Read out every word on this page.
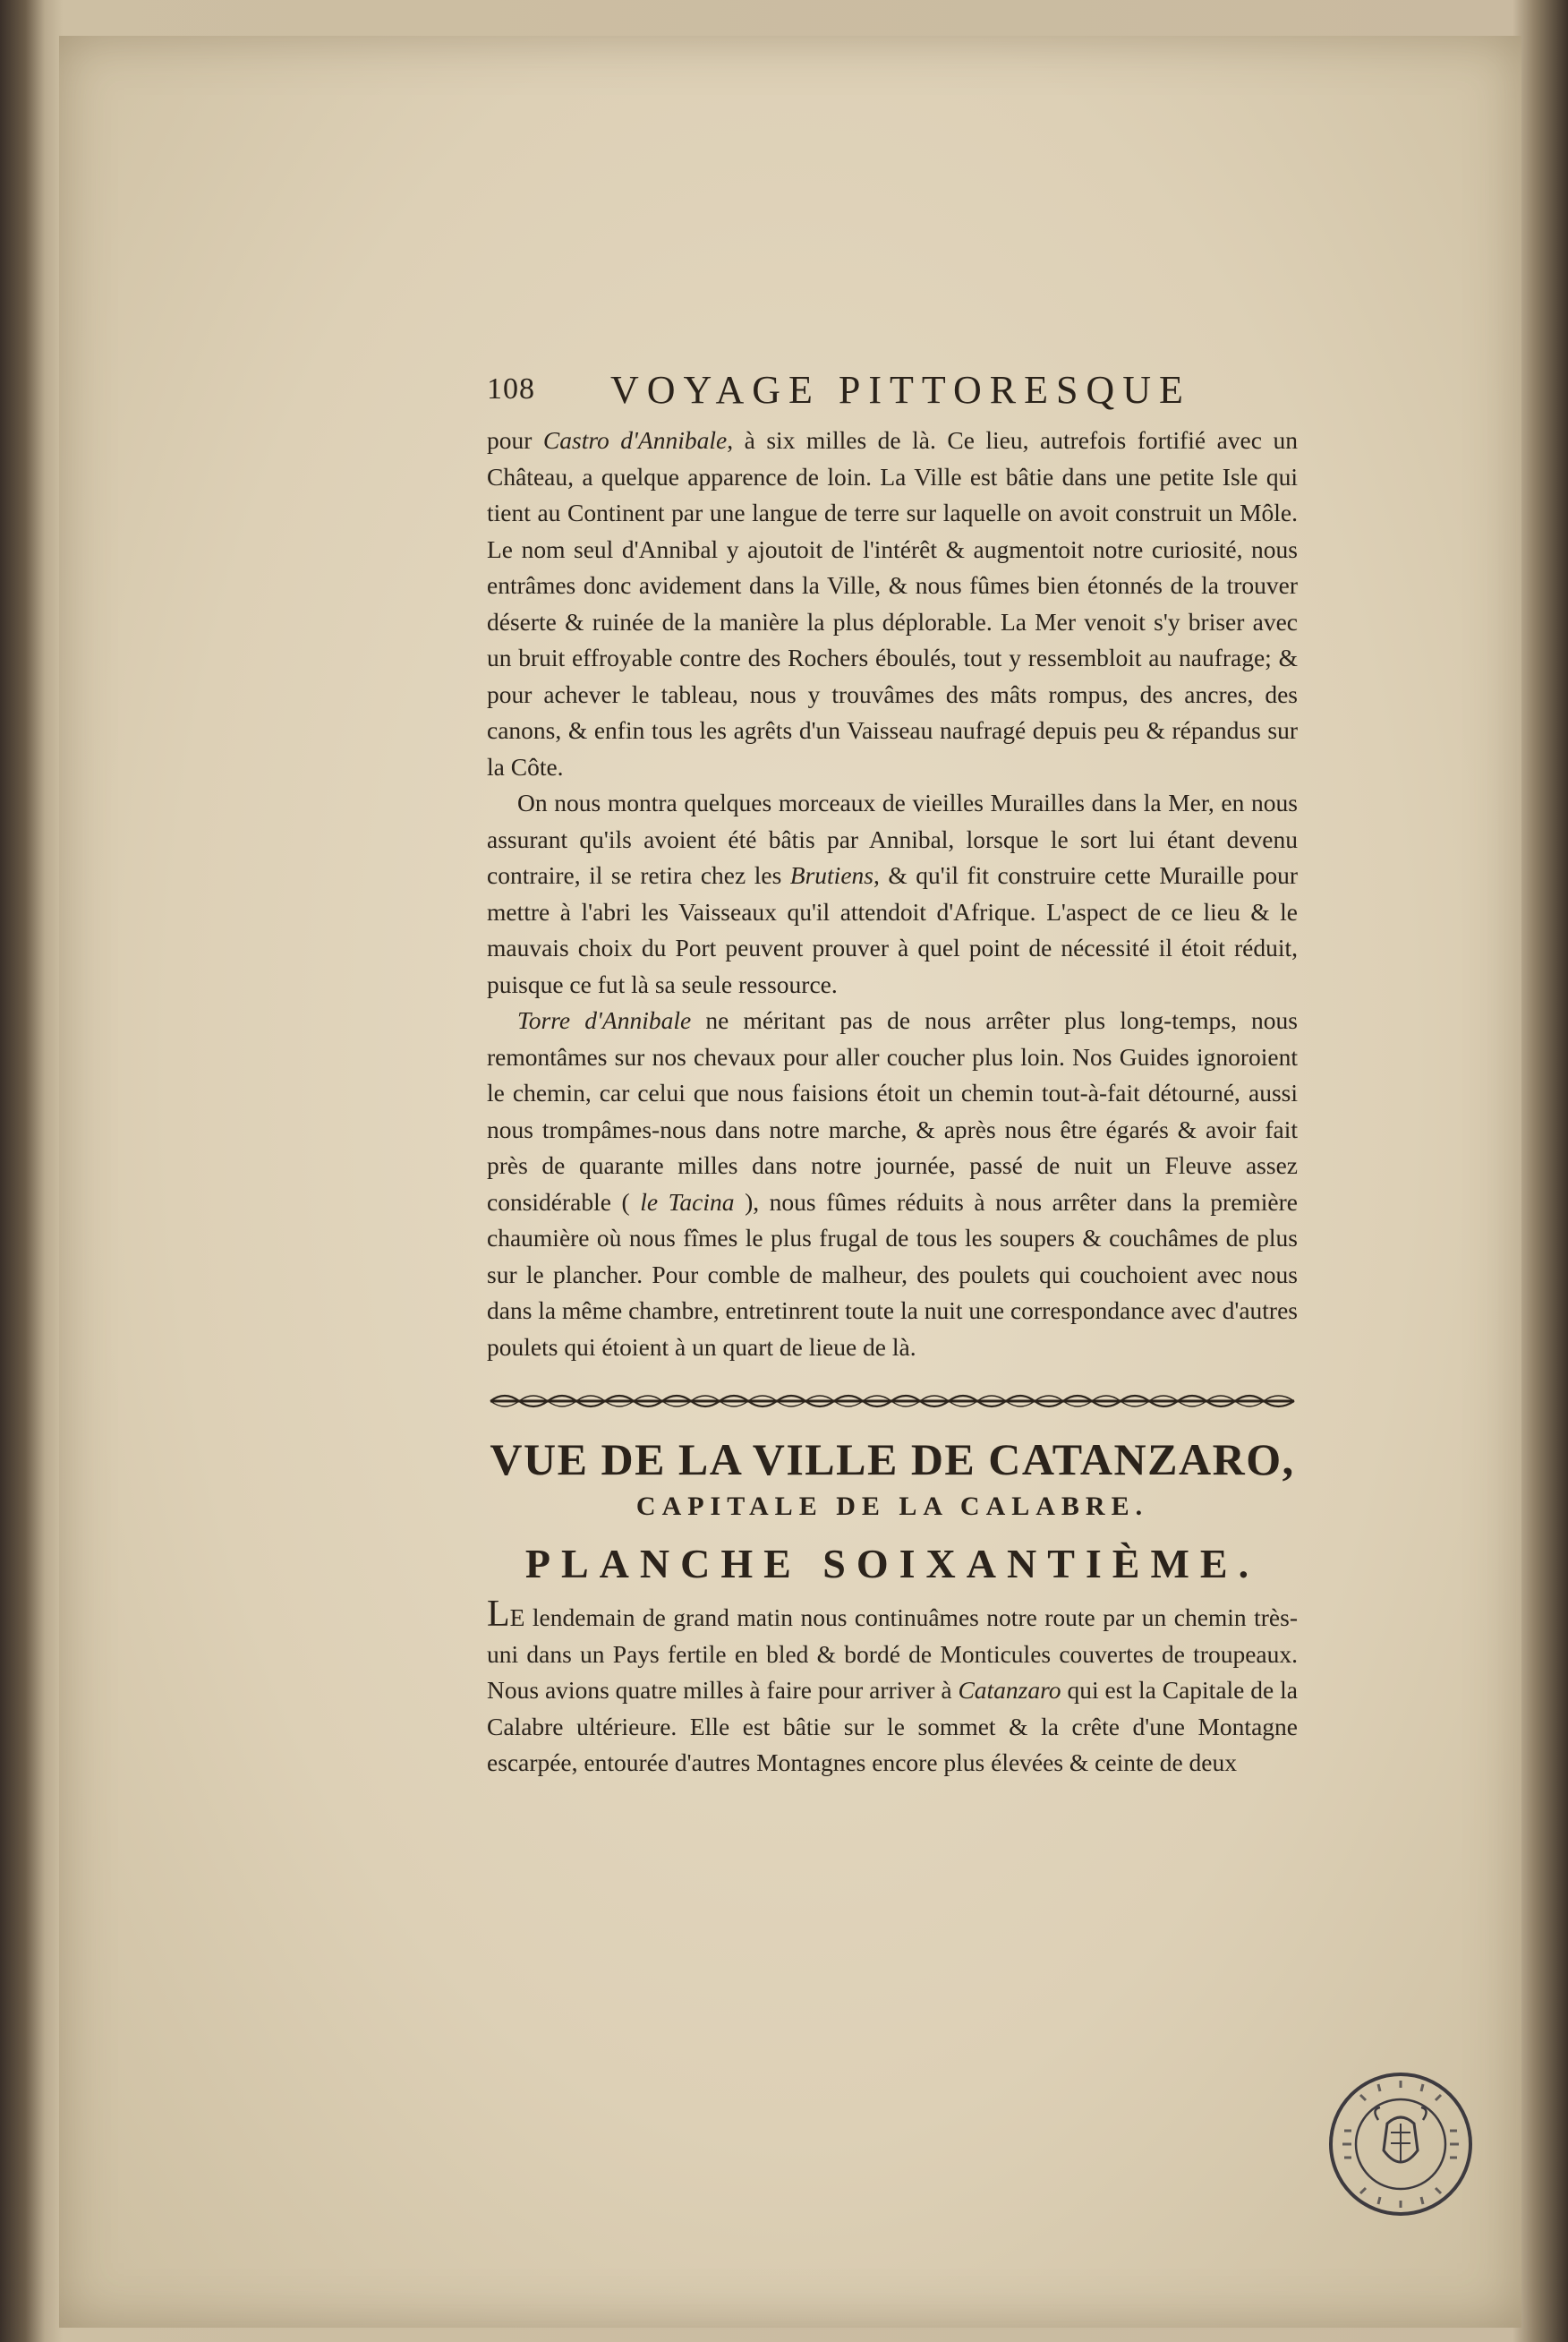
108 VOYAGE PITTORESQUE

pour Castro d'Annibale, à six milles de là. Ce lieu, autrefois fortifié avec un Château, a quelque apparence de loin. La Ville est bâtie dans une petite Isle qui tient au Continent par une langue de terre sur laquelle on avoit construit un Môle. Le nom seul d'Annibal y ajoutoit de l'intérêt & augmentoit notre curiosité, nous entrâmes donc avidement dans la Ville, & nous fûmes bien étonnés de la trouver déserte & ruinée de la manière la plus déplorable. La Mer venoit s'y briser avec un bruit effroyable contre des Rochers éboulés, tout y ressembloit au naufrage; & pour achever le tableau, nous y trouvâmes des mâts rompus, des ancres, des canons, & enfin tous les agrêts d'un Vaisseau naufragé depuis peu & répandus sur la Côte.

On nous montra quelques morceaux de vieilles Murailles dans la Mer, en nous assurant qu'ils avoient été bâtis par Annibal, lorsque le sort lui étant devenu contraire, il se retira chez les Brutiens, & qu'il fit construire cette Muraille pour mettre à l'abri les Vaisseaux qu'il attendoit d'Afrique. L'aspect de ce lieu & le mauvais choix du Port peuvent prouver à quel point de nécessité il étoit réduit, puisque ce fut là sa seule ressource.

Torre d'Annibale ne méritant pas de nous arrêter plus long-temps, nous remontâmes sur nos chevaux pour aller coucher plus loin. Nos Guides ignoroient le chemin, car celui que nous faisions étoit un chemin tout-à-fait détourné, aussi nous trompâmes-nous dans notre marche, & après nous être égarés & avoir fait près de quarante milles dans notre journée, passé de nuit un Fleuve assez considérable ( le Tacina ), nous fûmes réduits à nous arrêter dans la première chaumière où nous fîmes le plus frugal de tous les soupers & couchâmes de plus sur le plancher. Pour comble de malheur, des poulets qui couchoient avec nous dans la même chambre, entretinrent toute la nuit une correspondance avec d'autres poulets qui étoient à un quart de lieue de là.

VUE DE LA VILLE DE CATANZARO,
CAPITALE DE LA CALABRE.
PLANCHE SOIXANTIÈME.

LE lendemain de grand matin nous continuâmes notre route par un chemin très-uni dans un Pays fertile en bled & bordé de Monticules couvertes de troupeaux. Nous avions quatre milles à faire pour arriver à Catanzaro qui est la Capitale de la Calabre ultérieure. Elle est bâtie sur le sommet & la crête d'une Montagne escarpée, entourée d'autres Montagnes encore plus élevées & ceinte de deux
